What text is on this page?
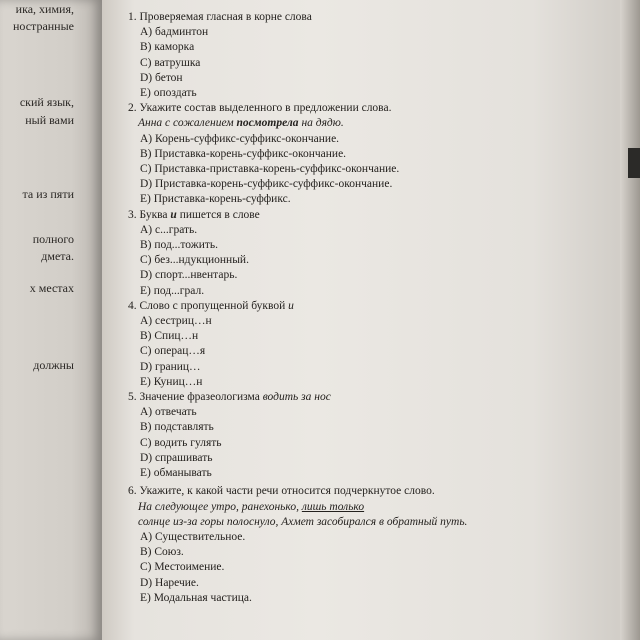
ика, химия,
ностранные
ский язык,
ный вами
та из пяти
полного
дмета.
х местах
должны
1. Проверяемая гласная в корне слова
A) бадминтон
B) каморка
C) ватрушка
D) бетон
E) опоздать
2. Укажите состав выделенного в предложении слова.
Анна с сожалением посмотрела на дядю.
A) Корень-суффикс-суффикс-окончание.
B) Приставка-корень-суффикс-окончание.
C) Приставка-приставка-корень-суффикс-окончание.
D) Приставка-корень-суффикс-суффикс-окончание.
E) Приставка-корень-суффикс.
3. Буква и пишется в слове
A) с...грать.
B) под...тожить.
C) без...ндукционный.
D) спорт...нвентарь.
E) под...грал.
4. Слово с пропущенной буквой и
A) сестриц…н
B) Спиц…н
C) операц…я
D) границ…
E) Куниц…н
5. Значение фразеологизма водить за нос
A) отвечать
B) подставлять
C) водить гулять
D) спрашивать
E) обманывать
6. Укажите, к какой части речи относится подчеркнутое слово.
На следующее утро, ранехонько, лишь только
солнце из-за горы полоснуло, Ахмет засобирался в обратный путь.
A) Существительное.
B) Союз.
C) Местоимение.
D) Наречие.
E) Модальная частица.
